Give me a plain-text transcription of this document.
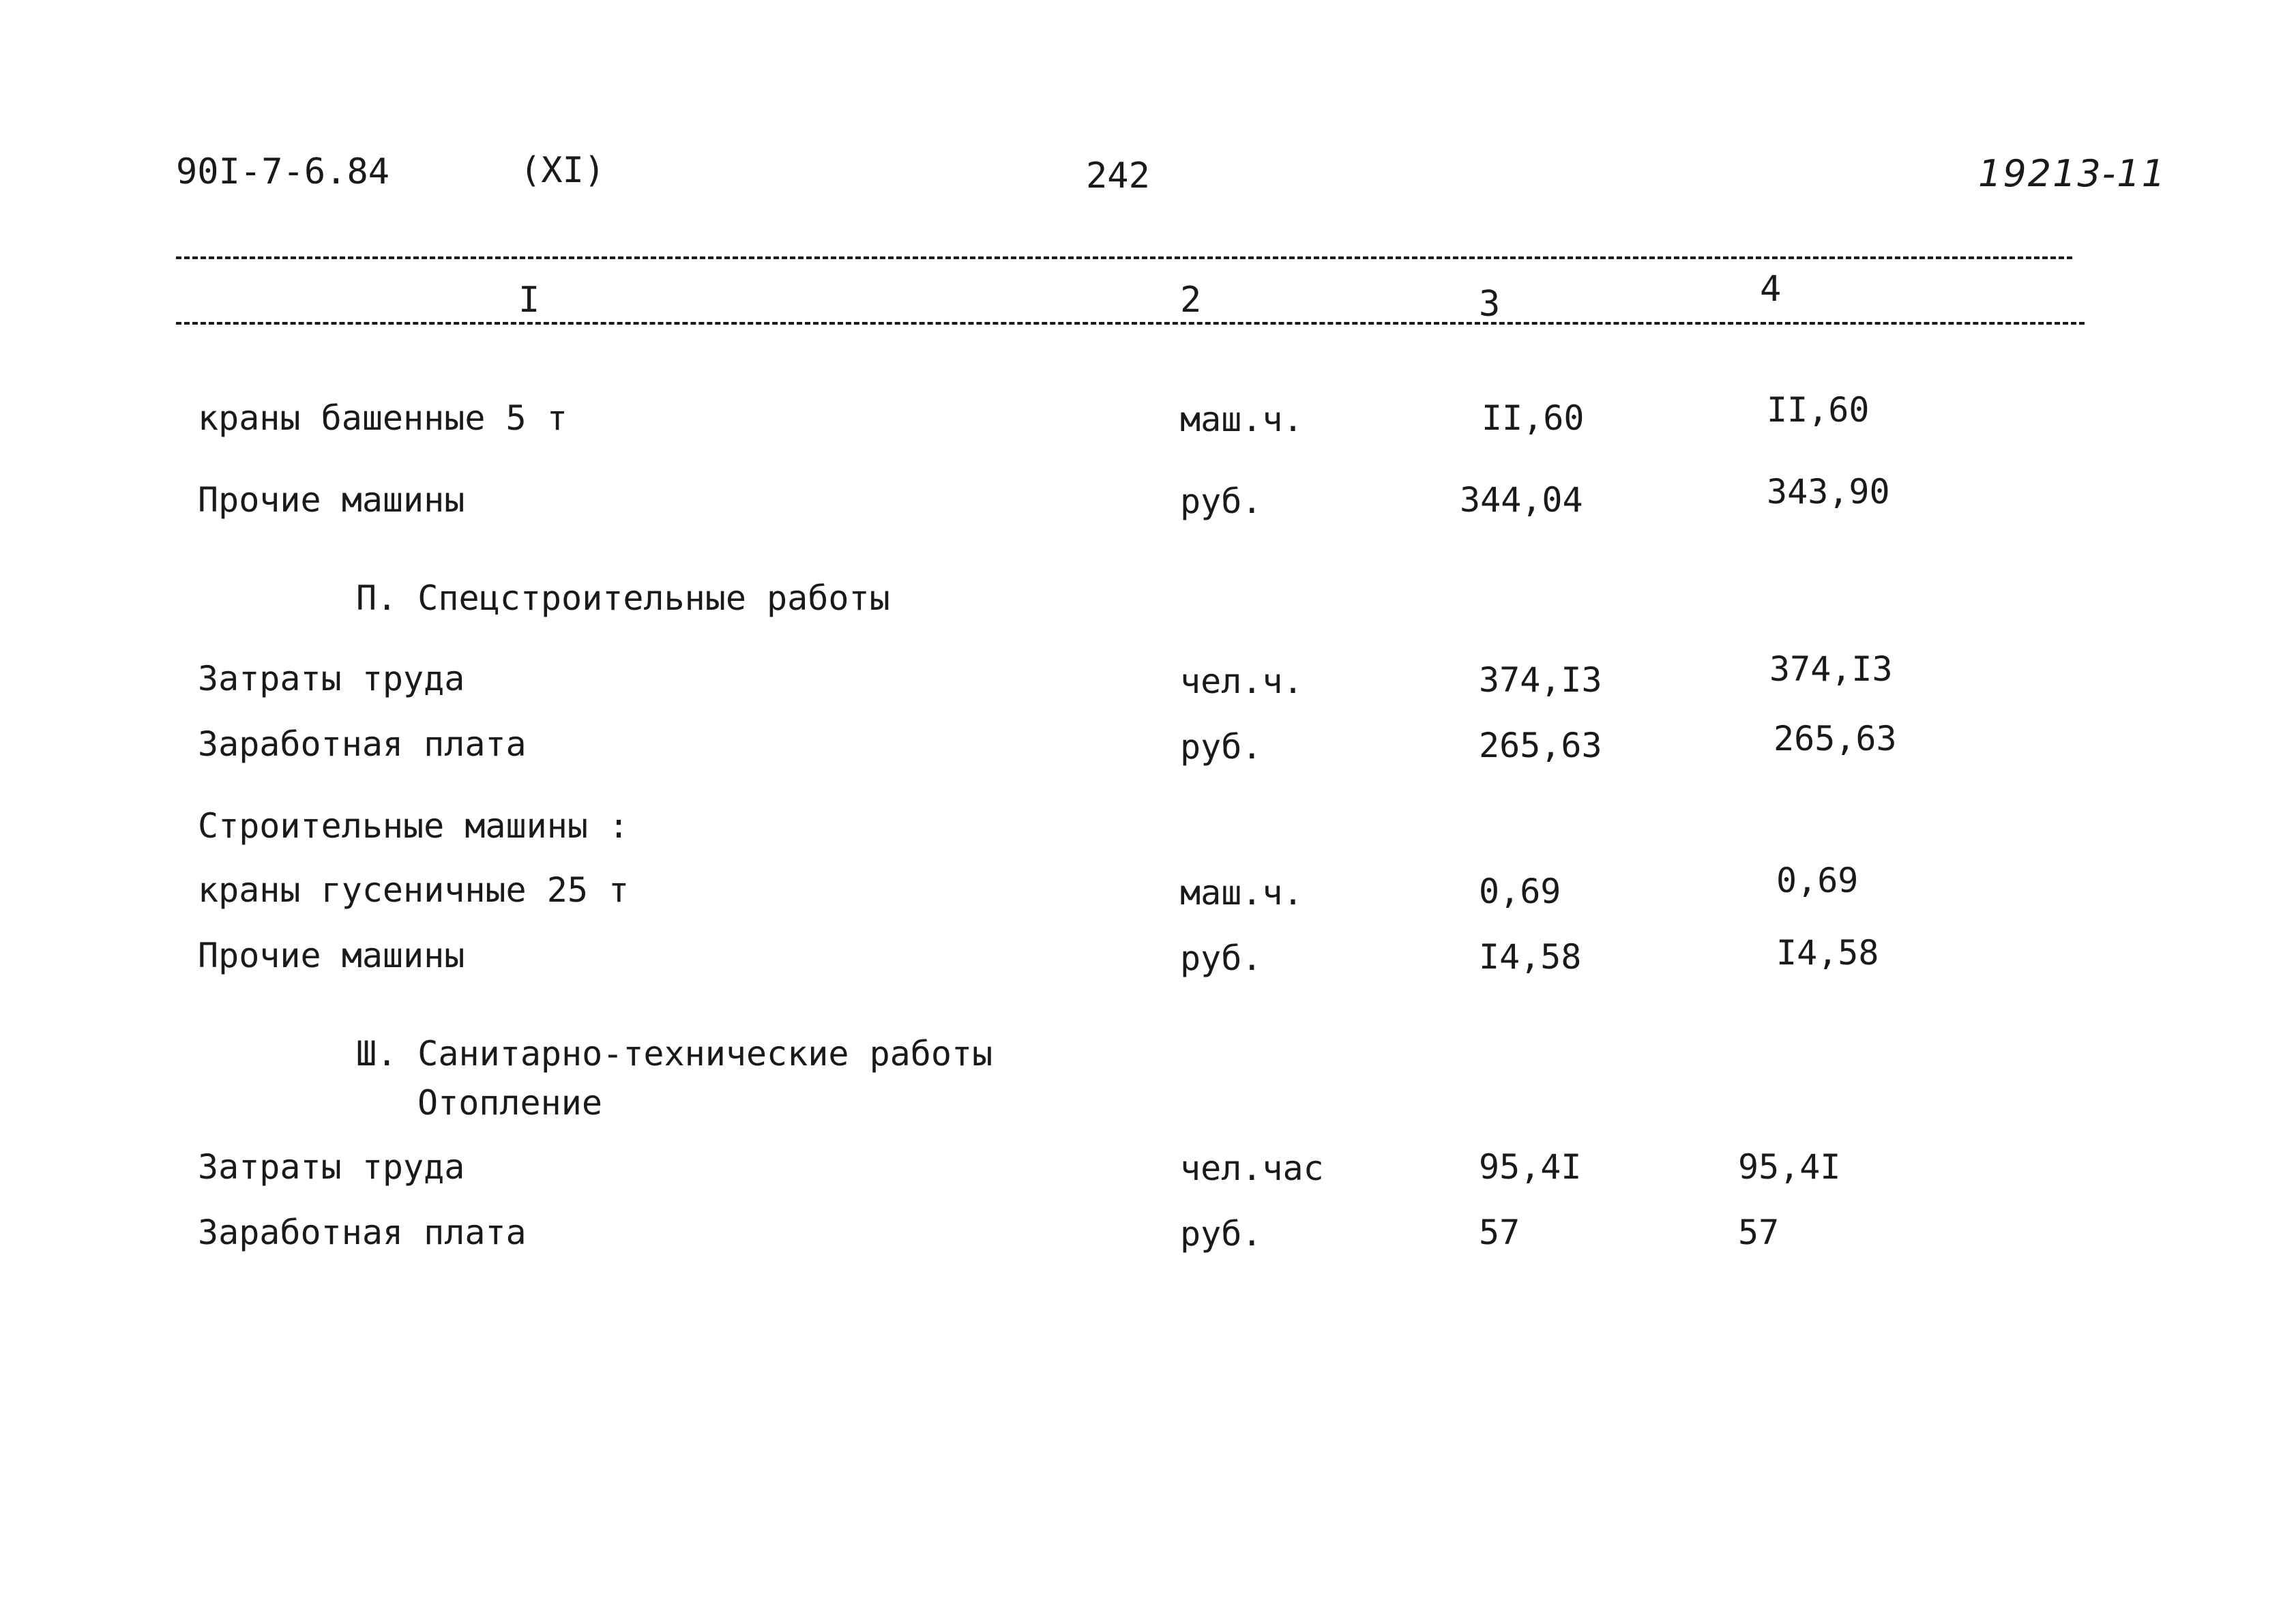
90I-7-6.84	(XI)	242	19213-11
I	2	3	4
краны башенные 5 т	маш.ч.	II,60	II,60
Прочие машины	руб.	344,04	343,90
П. Спецстроительные работы
Затраты труда	чел.ч.	374,I3	374,I3
Заработная плата	руб.	265,63	265,63
Строительные машины :
краны гусеничные 25 т	маш.ч.	0,69	0,69
Прочие машины	руб.	I4,58	I4,58
Ш. Санитарно-технические работы
Отопление
Затраты труда	чел.час	95,4I	95,4I
Заработная плата	руб.	57	57
